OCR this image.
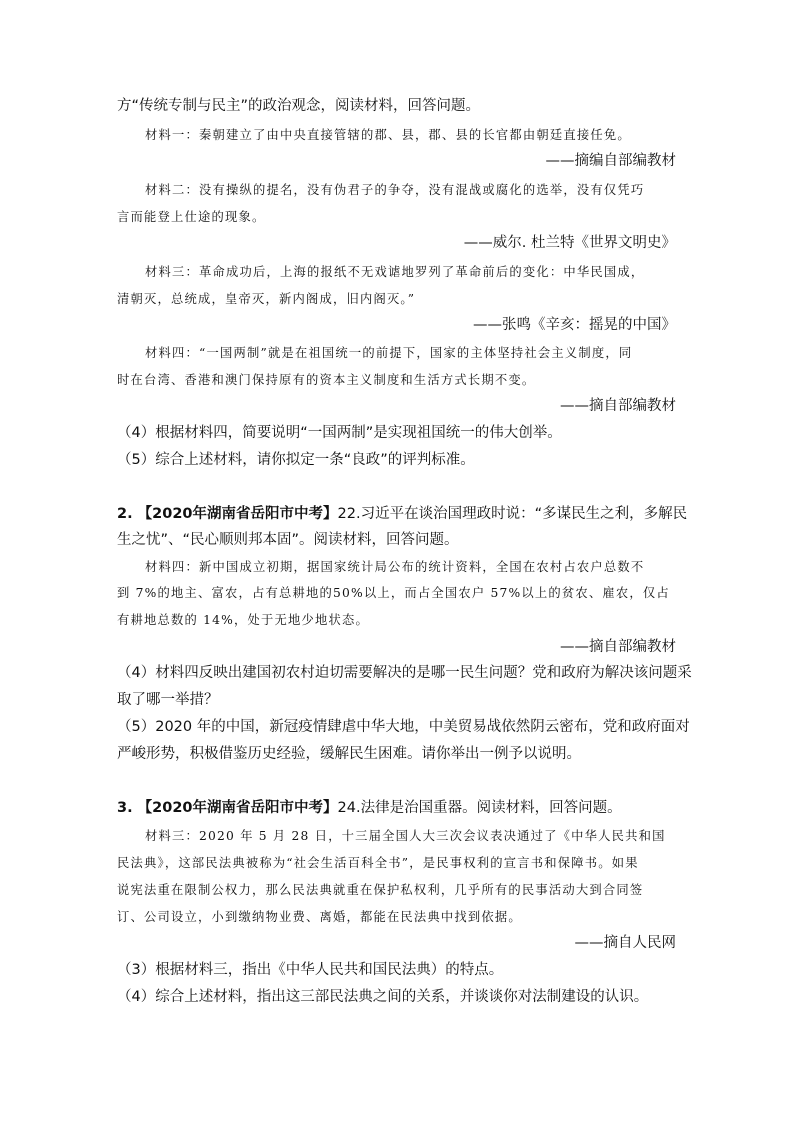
方“传统专制与民主”的政治观念，阅读材料，回答问题。
材料一：秦朝建立了由中央直接管辖的郡、县，郡、县的长官都由朝廷直接任免。
——摘编自部编教材
材料二：没有操纵的提名，没有伪君子的争夺，没有混战或腐化的选举，没有仅凭巧
言而能登上仕途的现象。
——威尔. 杜兰特《世界文明史》
材料三：革命成功后，上海的报纸不无戏谑地罗列了革命前后的变化：中华民国成，
清朝灭，总统成，皇帝灭，新内阁成，旧内阁灭。”
——张鸣《辛亥：摇晃的中国》
材料四：“一国两制”就是在祖国统一的前提下，国家的主体坚持社会主义制度，同
时在台湾、香港和澳门保持原有的资本主义制度和生活方式长期不变。
——摘自部编教材
（4）根据材料四，简要说明“一国两制”是实现祖国统一的伟大创举。
（5）综合上述材料，请你拟定一条“良政”的评判标准。
2. 【2020年湖南省岳阳市中考】22.习近平在谈治国理政时说：“多谋民生之利，多解民
生之忧”、“民心顺则邦本固”。阅读材料，回答问题。
材料四：新中国成立初期，据国家统计局公布的统计资料，全国在农村占农户总数不
到 7%的地主、富农，占有总耕地的50%以上，而占全国农户 57%以上的贫农、雇农，仅占
有耕地总数的 14%，处于无地少地状态。
——摘自部编教材
（4）材料四反映出建国初农村迫切需要解决的是哪一民生问题？党和政府为解决该问题采
取了哪一举措？
（5）2020 年的中国，新冠疫情肆虐中华大地，中美贸易战依然阴云密布，党和政府面对
严峻形势，积极借鉴历史经验，缓解民生困难。请你举出一例予以说明。
3. 【2020年湖南省岳阳市中考】24.法律是治国重器。阅读材料，回答问题。
材料三：2020 年 5 月 28 日，十三届全国人大三次会议表决通过了《中华人民共和国
民法典》，这部民法典被称为“社会生活百科全书”，是民事权利的宣言书和保障书。如果
说宪法重在限制公权力，那么民法典就重在保护私权利，几乎所有的民事活动大到合同签
订、公司设立，小到缴纳物业费、离婚，都能在民法典中找到依据。
——摘自人民网
（3）根据材料三，指出《中华人民共和国民法典）的特点。
（4）综合上述材料，指出这三部民法典之间的关系，并谈谈你对法制建设的认识。
